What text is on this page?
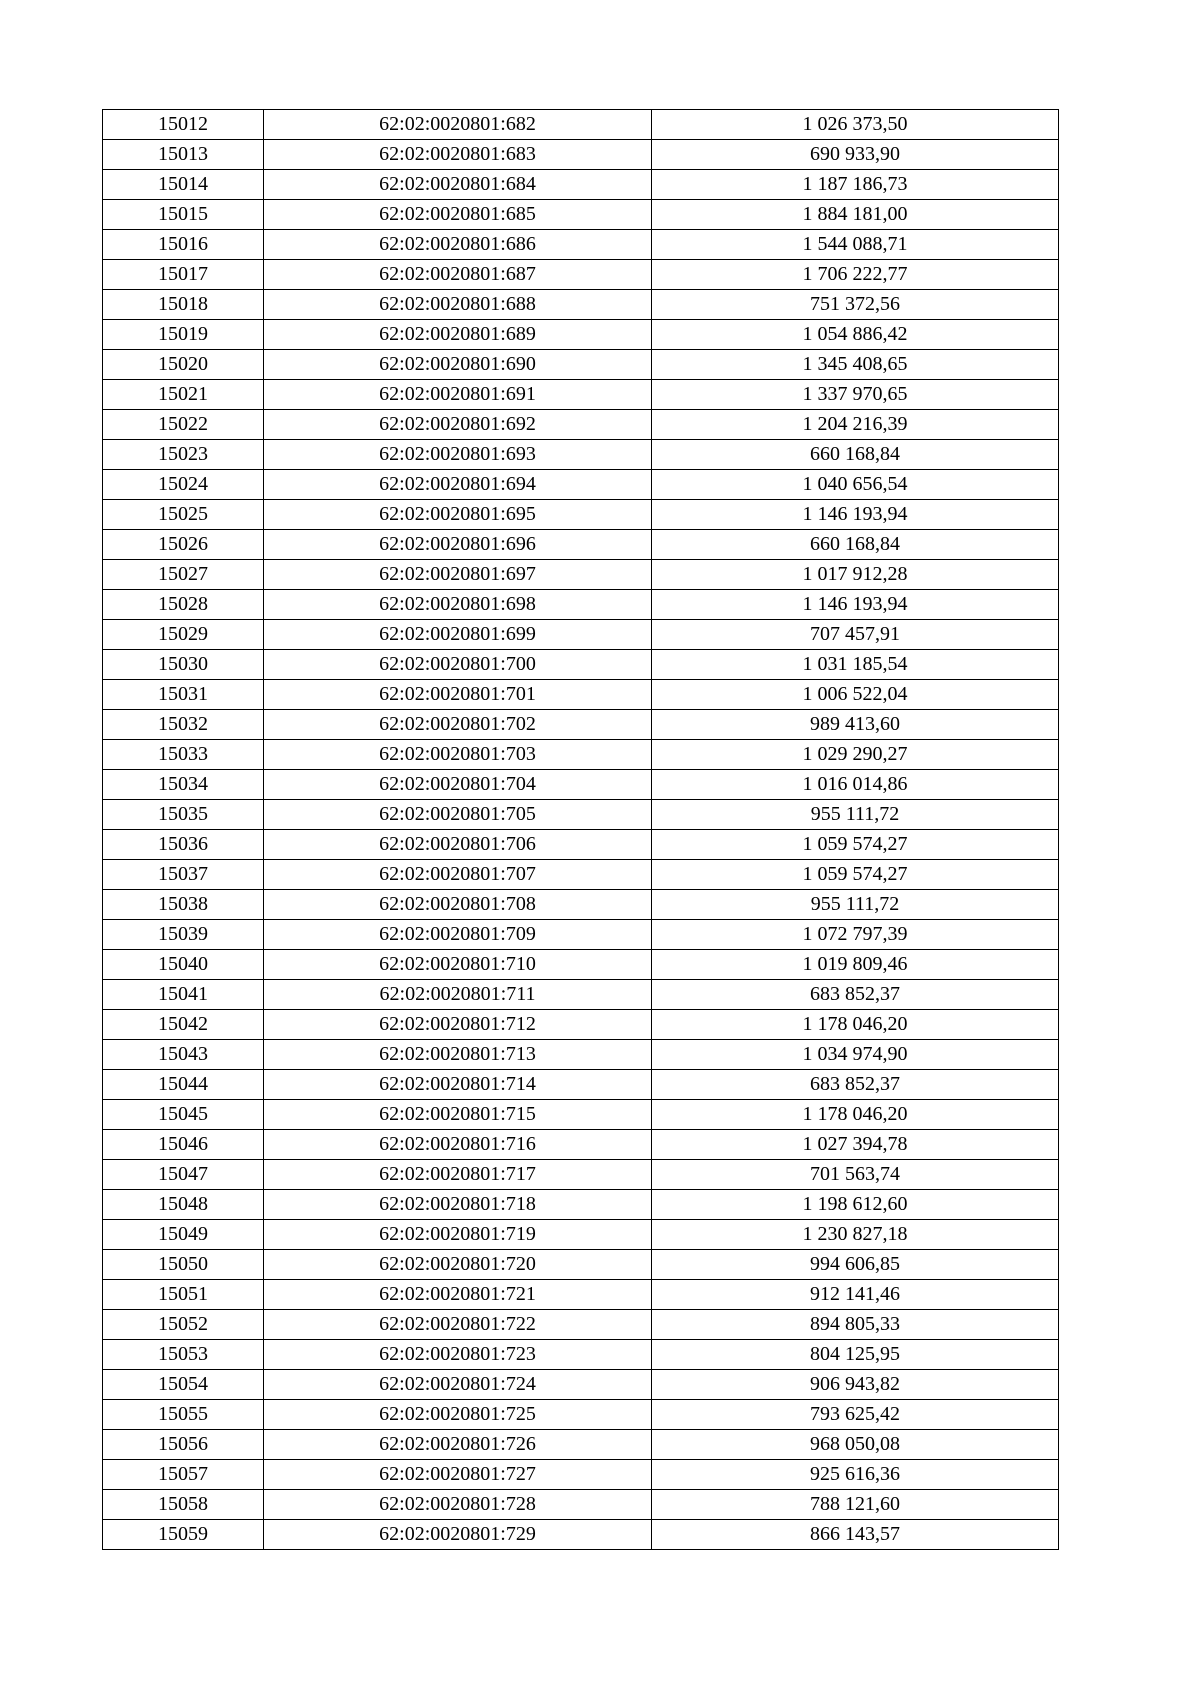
15012	62:02:0020801:682	1 026 373,50
15013	62:02:0020801:683	690 933,90
15014	62:02:0020801:684	1 187 186,73
15015	62:02:0020801:685	1 884 181,00
15016	62:02:0020801:686	1 544 088,71
15017	62:02:0020801:687	1 706 222,77
15018	62:02:0020801:688	751 372,56
15019	62:02:0020801:689	1 054 886,42
15020	62:02:0020801:690	1 345 408,65
15021	62:02:0020801:691	1 337 970,65
15022	62:02:0020801:692	1 204 216,39
15023	62:02:0020801:693	660 168,84
15024	62:02:0020801:694	1 040 656,54
15025	62:02:0020801:695	1 146 193,94
15026	62:02:0020801:696	660 168,84
15027	62:02:0020801:697	1 017 912,28
15028	62:02:0020801:698	1 146 193,94
15029	62:02:0020801:699	707 457,91
15030	62:02:0020801:700	1 031 185,54
15031	62:02:0020801:701	1 006 522,04
15032	62:02:0020801:702	989 413,60
15033	62:02:0020801:703	1 029 290,27
15034	62:02:0020801:704	1 016 014,86
15035	62:02:0020801:705	955 111,72
15036	62:02:0020801:706	1 059 574,27
15037	62:02:0020801:707	1 059 574,27
15038	62:02:0020801:708	955 111,72
15039	62:02:0020801:709	1 072 797,39
15040	62:02:0020801:710	1 019 809,46
15041	62:02:0020801:711	683 852,37
15042	62:02:0020801:712	1 178 046,20
15043	62:02:0020801:713	1 034 974,90
15044	62:02:0020801:714	683 852,37
15045	62:02:0020801:715	1 178 046,20
15046	62:02:0020801:716	1 027 394,78
15047	62:02:0020801:717	701 563,74
15048	62:02:0020801:718	1 198 612,60
15049	62:02:0020801:719	1 230 827,18
15050	62:02:0020801:720	994 606,85
15051	62:02:0020801:721	912 141,46
15052	62:02:0020801:722	894 805,33
15053	62:02:0020801:723	804 125,95
15054	62:02:0020801:724	906 943,82
15055	62:02:0020801:725	793 625,42
15056	62:02:0020801:726	968 050,08
15057	62:02:0020801:727	925 616,36
15058	62:02:0020801:728	788 121,60
15059	62:02:0020801:729	866 143,57
